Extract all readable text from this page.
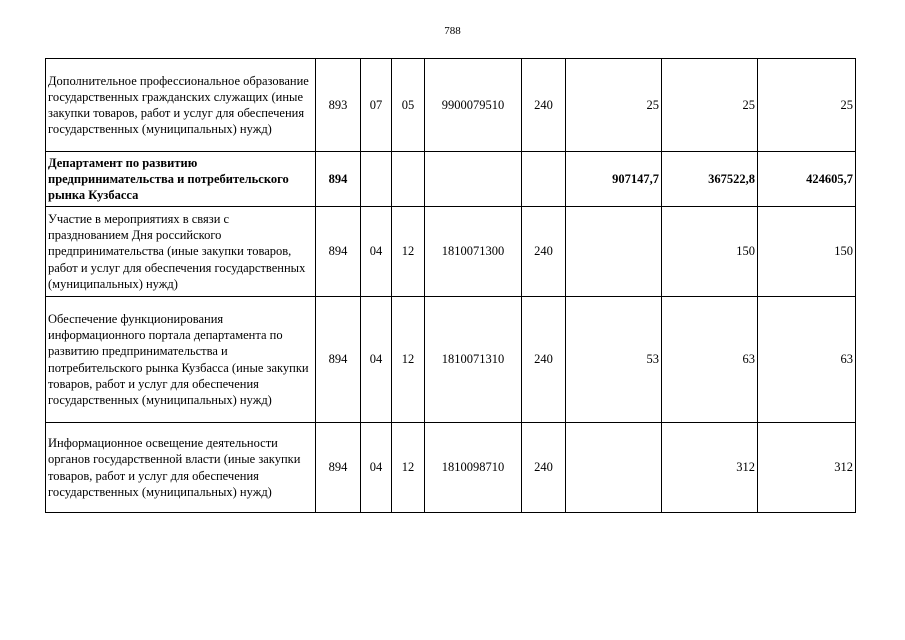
788
Дополнительное профессиональное образование государственных гражданских служащих (иные закупки товаров, работ и услуг для обеспечения государственных (муниципальных) нужд)	893	07	05	9900079510	240	25	25	25
Департамент по развитию предпринимательства и потребительского рынка Кузбасса	894					907147,7	367522,8	424605,7
Участие в мероприятиях в связи с празднованием Дня российского предпринимательства (иные закупки товаров, работ и услуг для обеспечения государственных (муниципальных) нужд)	894	04	12	1810071300	240		150	150
Обеспечение функционирования информационного портала департамента по развитию предпринимательства и потребительского рынка Кузбасса (иные закупки товаров, работ и услуг для обеспечения государственных (муниципальных) нужд)	894	04	12	1810071310	240	53	63	63
Информационное освещение деятельности органов государственной власти (иные закупки товаров, работ и услуг для обеспечения государственных (муниципальных) нужд)	894	04	12	1810098710	240		312	312
